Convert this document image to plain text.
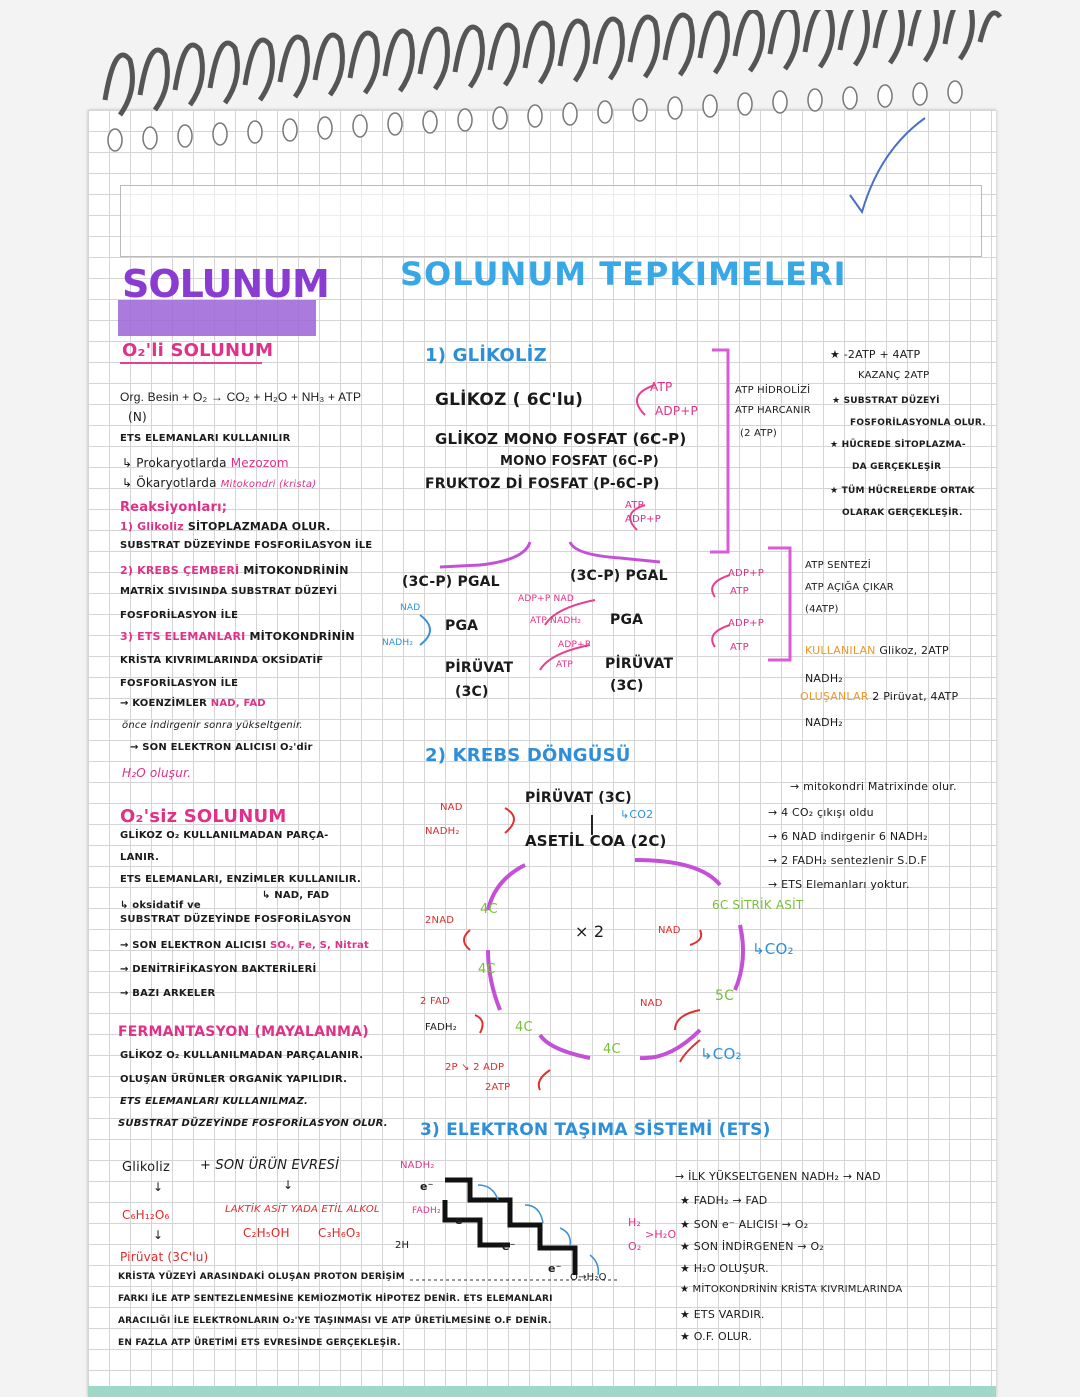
SOLUNUM SOLUNUM TEPKIMELERI
O₂'li SOLUNUM
Org. Besin + O₂ → CO₂ + H₂O + NH₃ + ATP
(N)
ETS ELEMANLARI KULLANILIR
↳ Prokaryotlarda Mezozom
↳ Ökaryotlarda Mitokondri (krista)
Reaksiyonları;
1) Glikoliz SİTOPLAZMADA OLUR.
SUBSTRAT DÜZEYİNDE FOSFORİLASYON İLE
2) KREBS ÇEMBERİ MİTOKONDRİNİN
MATRİX SIVISINDA SUBSTRAT DÜZEYİ
FOSFORİLASYON İLE
3) ETS ELEMANLARI MİTOKONDRİNİN
KRİSTA KIVRIMLARINDA OKSİDATİF
FOSFORİLASYON İLE
→ KOENZİMLER NAD, FAD
önce indirgenir sonra yükseltgenir.
→ SON ELEKTRON ALICISI O₂'dir
H₂O oluşur.
O₂'siz SOLUNUM
GLİKOZ O₂ KULLANILMADAN PARÇA-
LANIR.
ETS ELEMANLARI, ENZİMLER KULLANILIR.
↳ NAD, FAD
↳ oksidatif ve
SUBSTRAT DÜZEYİNDE FOSFORİLASYON
→ SON ELEKTRON ALICISI SO₄, Fe, S, Nitrat
→ DENİTRİFİKASYON BAKTERİLERİ
→ BAZI ARKELER
FERMANTASYON (MAYALANMA)
GLİKOZ O₂ KULLANILMADAN PARÇALANIR.
OLUŞAN ÜRÜNLER ORGANİK YAPILIDIR.
ETS ELEMANLARI KULLANILMAZ.
SUBSTRAT DÜZEYİNDE FOSFORİLASYON OLUR.
Glikoliz + SON ÜRÜN EVRESİ
↓	↓
C₆H₁₂O₆	LAKTİK ASİT YADA ETİL ALKOL
C₂H₅OH C₃H₆O₃
↓
Pirüvat (3C'lu)
KRİSTA YÜZEYİ ARASINDAKİ OLUŞAN PROTON DERİŞİM
FARKI İLE ATP SENTEZLENMESİNE KEMİOZMOTİK HİPOTEZ DENİR. ETS ELEMANLARI
ARACILIĞI İLE ELEKTRONLARIN O₂'YE TAŞINMASI VE ATP ÜRETİLMESİNE O.F DENİR.
EN FAZLA ATP ÜRETİMİ ETS EVRESİNDE GERÇEKLEŞİR.
1) GLİKOLİZ
GLİKOZ ( 6C'lu)
ATP
ADP+P
GLİKOZ MONO FOSFAT (6C-P)
MONO FOSFAT (6C-P)
FRUKTOZ Dİ FOSFAT (P-6C-P)
ATP
ADP+P
(3C-P) PGAL	(3C-P) PGAL
NAD
NADH₂
PGA	PGA
ADP+P NAD
ATP NADH₂
ADP+P
ATP
PİRÜVAT
(3C)
PİRÜVAT
(3C)
ADP+P
ATP
ADP+P
ATP
ATP HİDROLİZİ
ATP HARCANIR
(2 ATP)
★ -2ATP + 4ATP
KAZANÇ 2ATP
★ SUBSTRAT DÜZEYİ
FOSFORİLASYONLA OLUR.
★ HÜCREDE SİTOPLAZMA-
DA GERÇEKLEŞİR
★ TÜM HÜCRELERDE ORTAK
OLARAK GERÇEKLEŞİR.
ATP SENTEZİ
ATP AÇIĞA ÇIKAR
(4ATP)
KULLANILAN Glikoz, 2ATP
NADH₂
OLUŞANLAR 2 Pirüvat, 4ATP
NADH₂
2) KREBS DÖNGÜSÜ
PİRÜVAT (3C)
↳CO2
NAD
NADH₂
ASETİL COA (2C)
× 2
6C SİTRİK ASİT
↳CO₂
NAD
5C
NAD
↳CO₂
4C
4C
4C
4C
2NAD
2 FAD
FADH₂
2P ↘ 2 ADP
2ATP
→ mitokondri Matrixinde olur.
→ 4 CO₂ çıkışı oldu
→ 6 NAD indirgenir 6 NADH₂
→ 2 FADH₂ sentezlenir S.D.F
→ ETS Elemanları yoktur.
3) ELEKTRON TAŞIMA SİSTEMİ (ETS)
NADH₂
FADH₂
e⁻
e⁻
e⁻
e⁻
H₂
O₂
>H₂O
2H
O→H₂O
→ İLK YÜKSELTGENEN NADH₂ → NAD
★ FADH₂ → FAD
★ SON e⁻ ALICISI → O₂
★ SON İNDİRGENEN → O₂
★ H₂O OLUŞUR.
★ MİTOKONDRİNİN KRİSTA KIVRIMLARINDA
★ ETS VARDIR.
★ O.F. OLUR.
